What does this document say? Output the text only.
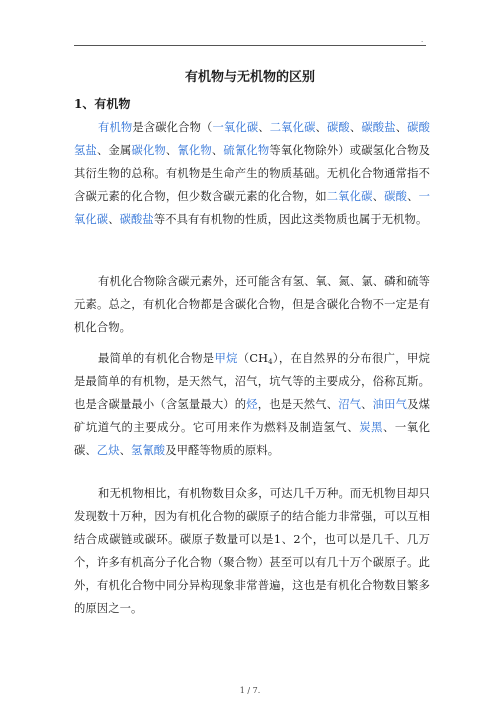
.
有机物与无机物的区别
1、有机物

有机物是含碳化合物（一氧化碳、二氧化碳、碳酸、碳酸盐、碳酸氢盐、金属碳化物、氰化物、硫氰化物等氧化物除外）或碳氢化合物及其衍生物的总称。有机物是生命产生的物质基础。无机化合物通常指不含碳元素的化合物，但少数含碳元素的化合物，如二氧化碳、碳酸、一氧化碳、碳酸盐等不具有有机物的性质，因此这类物质也属于无机物。

有机化合物除含碳元素外，还可能含有氢、氧、氮、氯、磷和硫等元素。总之，有机化合物都是含碳化合物，但是含碳化合物不一定是有机化合物。

最简单的有机化合物是甲烷$(CH_4)$，在自然界的分布很广，甲烷是最简单的有机物，是天然气，沼气，坑气等的主要成分，俗称瓦斯。也是含碳量最小（含氢量最大）的烃，也是天然气、沼气、油田气及煤矿坑道气的主要成分。它可用来作为燃料及制造氢气、炭黑、一氧化碳、乙炔、氢氰酸及甲醛等物质的原料。

和无机物相比，有机物数目众多，可达几千万种。而无机物目却只发现数十万种，因为有机化合物的碳原子的结合能力非常强，可以互相结合成碳链或碳环。碳原子数量可以是1、2个，也可以是几千、几万个，许多有机高分子化合物（聚合物）甚至可以有几十万个碳原子。此外，有机化合物中同分异构现象非常普遍，这也是有机化合物数目繁多的原因之一。

1 / 7.
